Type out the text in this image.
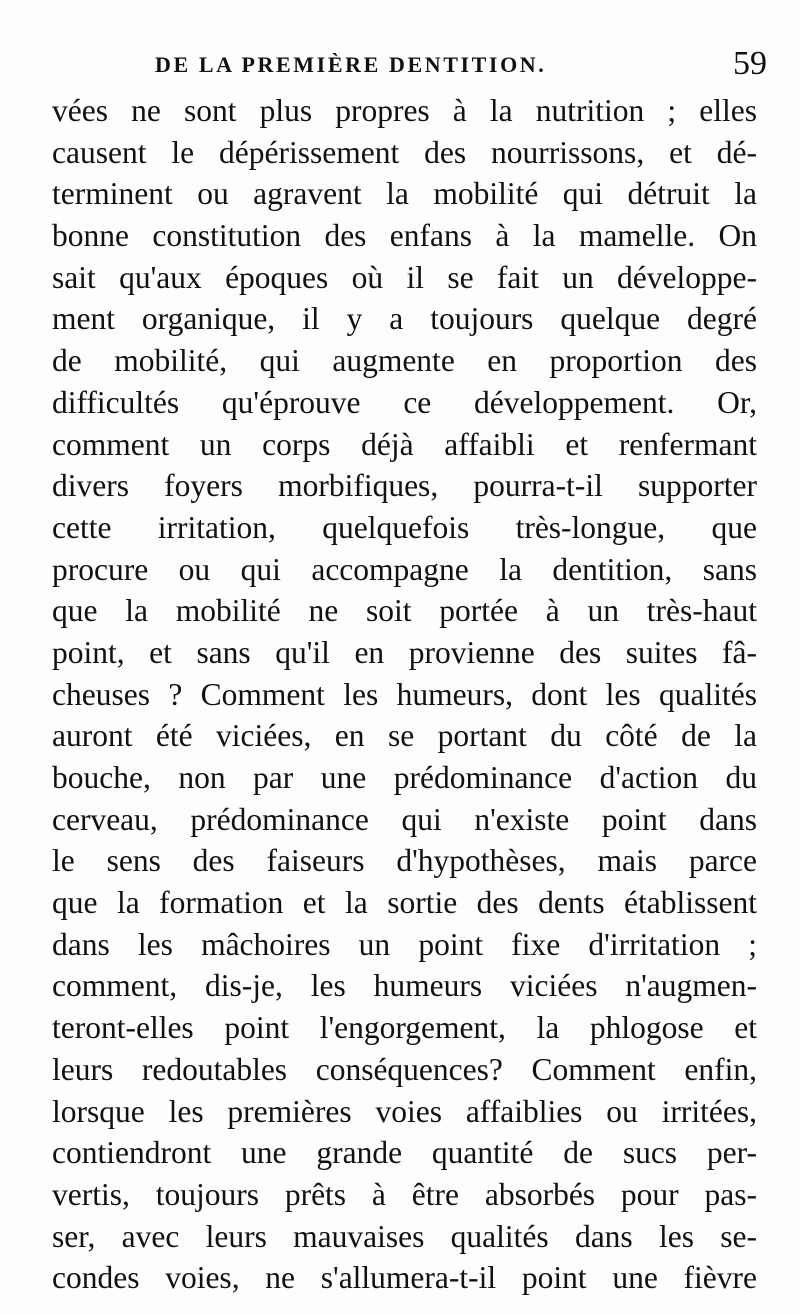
DE LA PREMIÈRE DENTITION.	59
vées ne sont plus propres à la nutrition ; elles
causent le dépérissement des nourrissons, et dé-
terminent ou agravent la mobilité qui détruit la
bonne constitution des enfans à la mamelle. On
sait qu'aux époques où il se fait un développe-
ment organique, il y a toujours quelque degré
de mobilité, qui augmente en proportion des
difficultés qu'éprouve ce développement. Or,
comment un corps déjà affaibli et renfermant
divers foyers morbifiques, pourra-t-il supporter
cette irritation, quelquefois très-longue, que
procure ou qui accompagne la dentition, sans
que la mobilité ne soit portée à un très-haut
point, et sans qu'il en provienne des suites fâ-
cheuses ? Comment les humeurs, dont les qualités
auront été viciées, en se portant du côté de la
bouche, non par une prédominance d'action du
cerveau, prédominance qui n'existe point dans
le sens des faiseurs d'hypothèses, mais parce
que la formation et la sortie des dents établissent
dans les mâchoires un point fixe d'irritation ;
comment, dis-je, les humeurs viciées n'augmen-
teront-elles point l'engorgement, la phlogose et
leurs redoutables conséquences? Comment enfin,
lorsque les premières voies affaiblies ou irritées,
contiendront une grande quantité de sucs per-
vertis, toujours prêts à être absorbés pour pas-
ser, avec leurs mauvaises qualités dans les se-
condes voies, ne s'allumera-t-il point une fièvre
